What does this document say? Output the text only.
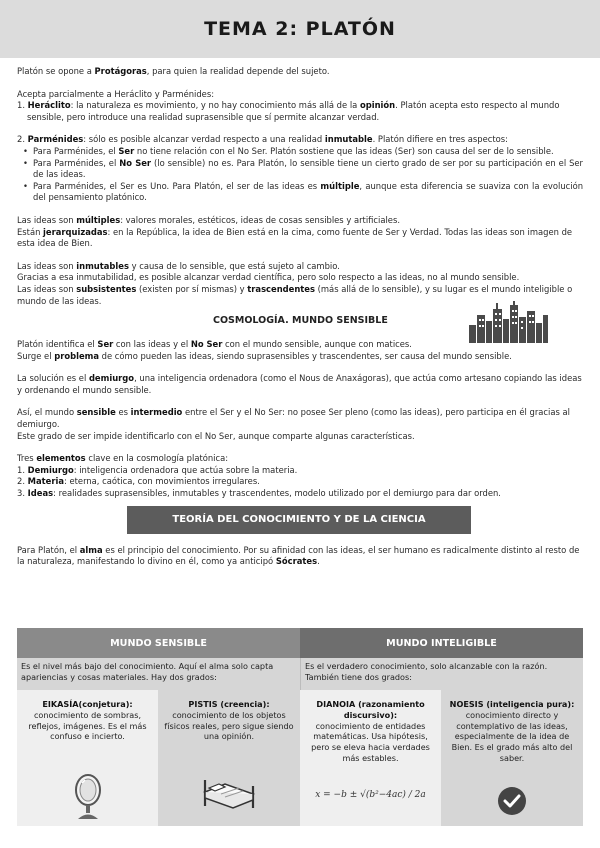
TEMA 2: PLATÓN

Platón se opone a Protágoras, para quien la realidad depende del sujeto.

Acepta parcialmente a Heráclito y Parménides:

1. Heráclito: la naturaleza es movimiento, y no hay conocimiento más allá de la opinión. Platón acepta esto respecto al mundo sensible, pero introduce una realidad suprasensible que sí permite alcanzar verdad.

2. Parménides: sólo es posible alcanzar verdad respecto a una realidad inmutable. Platón difiere en tres aspectos:

• Para Parménides, el Ser no tiene relación con el No Ser. Platón sostiene que las ideas (Ser) son causa del ser de lo sensible.

• Para Parménides, el No Ser (lo sensible) no es. Para Platón, lo sensible tiene un cierto grado de ser por su participación en el Ser de las ideas.

• Para Parménides, el Ser es Uno. Para Platón, el ser de las ideas es múltiple, aunque esta diferencia se suaviza con la evolución del pensamiento platónico.

Las ideas son múltiples: valores morales, estéticos, ideas de cosas sensibles y artificiales.

Están jerarquizadas: en la República, la idea de Bien está en la cima, como fuente de Ser y Verdad. Todas las ideas son imagen de esta idea de Bien.

Las ideas son inmutables y causa de lo sensible, que está sujeto al cambio.

Gracias a esa inmutabilidad, es posible alcanzar verdad científica, pero solo respecto a las ideas, no al mundo sensible.

Las ideas son subsistentes (existen por sí mismas) y trascendentes (más allá de lo sensible), y su lugar es el mundo inteligible o mundo de las ideas.

COSMOLOGÍA. MUNDO SENSIBLE

Platón identifica el Ser con las ideas y el No Ser con el mundo sensible, aunque con matices.

Surge el problema de cómo pueden las ideas, siendo suprasensibles y trascendentes, ser causa del mundo sensible.

La solución es el demiurgo, una inteligencia ordenadora (como el Nous de Anaxágoras), que actúa como artesano copiando las ideas y ordenando el mundo sensible.

Así, el mundo sensible es intermedio entre el Ser y el No Ser: no posee Ser pleno (como las ideas), pero participa en él gracias al demiurgo.

Este grado de ser impide identificarlo con el No Ser, aunque comparte algunas características.

Tres elementos clave en la cosmología platónica:

1. Demiurgo: inteligencia ordenadora que actúa sobre la materia.

2. Materia: eterna, caótica, con movimientos irregulares.

3. Ideas: realidades suprasensibles, inmutables y trascendentes, modelo utilizado por el demiurgo para dar orden.

TEORÍA DEL CONOCIMIENTO Y DE LA CIENCIA

Para Platón, el alma es el principio del conocimiento. Por su afinidad con las ideas, el ser humano es radicalmente distinto al resto de la naturaleza, manifestando lo divino en él, como ya anticipó Sócrates.

MUNDO SENSIBLE	MUNDO INTELIGIBLE
Es el nivel más bajo del conocimiento. Aquí el alma solo capta apariencias y cosas materiales. Hay dos grados:
Es el verdadero conocimiento, solo alcanzable con la razón. También tiene dos grados:
EIKASÍA(conjetura):
conocimiento de sombras, reflejos, imágenes. Es el más confuso e incierto.
PISTIS (creencia):
conocimiento de los objetos físicos reales, pero sigue siendo una opinión.
DIANOIA (razonamiento discursivo):
conocimiento de entidades matemáticas. Usa hipótesis, pero se eleva hacia verdades más estables.
x = −b ± √(b²−4ac) / 2a
NOESIS (inteligencia pura):
conocimiento directo y contemplativo de las ideas, especialmente de la idea de Bien. Es el grado más alto del saber.
